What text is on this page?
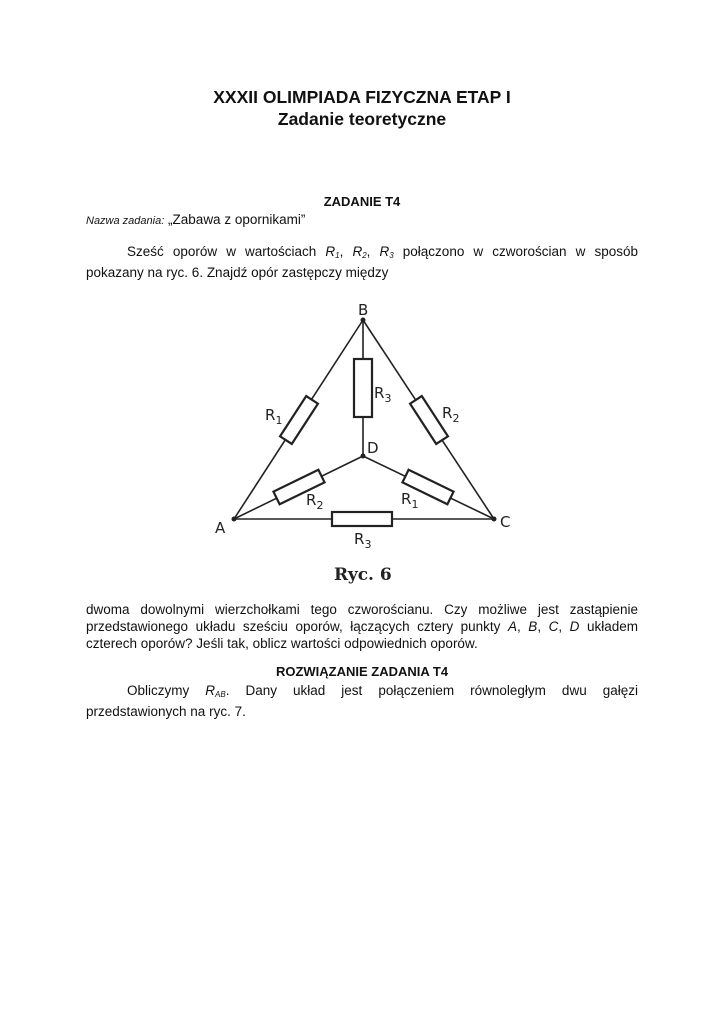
XXXII OLIMPIADA FIZYCZNA ETAP I
Zadanie teoretyczne
ZADANIE T4
Nazwa zadania: „Zabawa z opornikami”
Sześć oporów w wartościach $R_1$, $R_2$, $R_3$ połączono w czworościan w sposób pokazany na ryc. 6. Znajdź opór zastępczy między
B
A	C
D
$R_1$	$R_2$
$R_3$
$R_2$	$R_1$
$R_3$
Ryc. 6
dwoma dowolnymi wierzchołkami tego czworościanu. Czy możliwe jest zastąpienie przedstawionego układu sześciu oporów, łączących cztery punkty A, B, C, D układem czterech oporów? Jeśli tak, oblicz wartości odpowiednich oporów.
ROZWIĄZANIE ZADANIA T4
Obliczymy $R_{AB}$. Dany układ jest połączeniem równoległym dwu gałęzi przedstawionych na ryc. 7.
